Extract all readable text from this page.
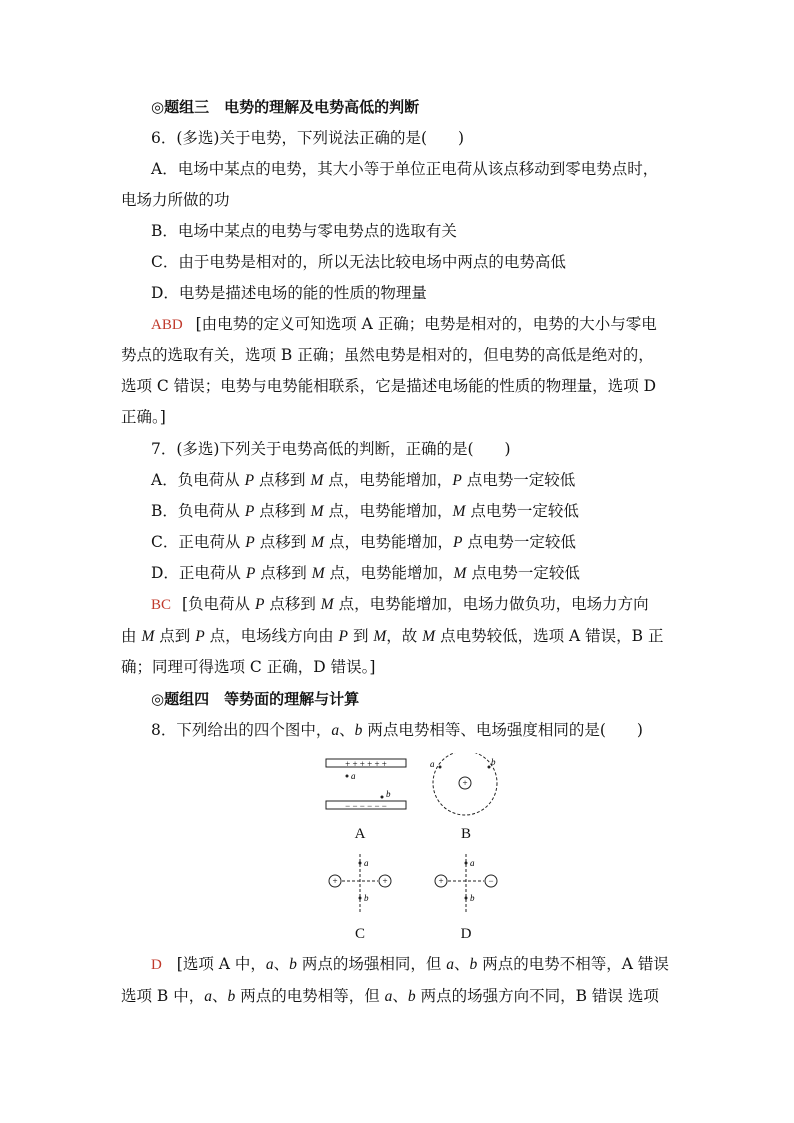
◎题组三　电势的理解及电势高低的判断
6．(多选)关于电势，下列说法正确的是(　　)
A．电场中某点的电势，其大小等于单位正电荷从该点移动到零电势点时，
电场力所做的功
B．电场中某点的电势与零电势点的选取有关
C．由于电势是相对的，所以无法比较电场中两点的电势高低
D．电势是描述电场的能的性质的物理量
ABD [由电势的定义可知选项 A 正确；电势是相对的，电势的大小与零电
势点的选取有关，选项 B 正确；虽然电势是相对的，但电势的高低是绝对的，
选项 C 错误；电势与电势能相联系，它是描述电场能的性质的物理量，选项 D
正确。]
7．(多选)下列关于电势高低的判断，正确的是(　　)
A．负电荷从 P 点移到 M 点，电势能增加，P 点电势一定较低
B．负电荷从 P 点移到 M 点，电势能增加，M 点电势一定较低
C．正电荷从 P 点移到 M 点，电势能增加，P 点电势一定较低
D．正电荷从 P 点移到 M 点，电势能增加，M 点电势一定较低
BC [负电荷从 P 点移到 M 点，电势能增加，电场力做负功，电场力方向
由 M 点到 P 点，电场线方向由 P 到 M，故 M 点电势较低，选项 A 错误，B 正
确；同理可得选项 C 正确，D 错误。]
◎题组四　等势面的理解与计算
8．下列给出的四个图中，a、b 两点电势相等、电场强度相同的是(　　)
+ + + + + +
a
b
− − − − − −
A
+
a	b
B
+	+
a
b
C
+	−
a
b
D
D [选项 A 中，a、b 两点的场强相同，但 a、b 两点的电势不相等，A 错误
选项 B 中，a、b 两点的电势相等，但 a、b 两点的场强方向不同，B 错误 选项
